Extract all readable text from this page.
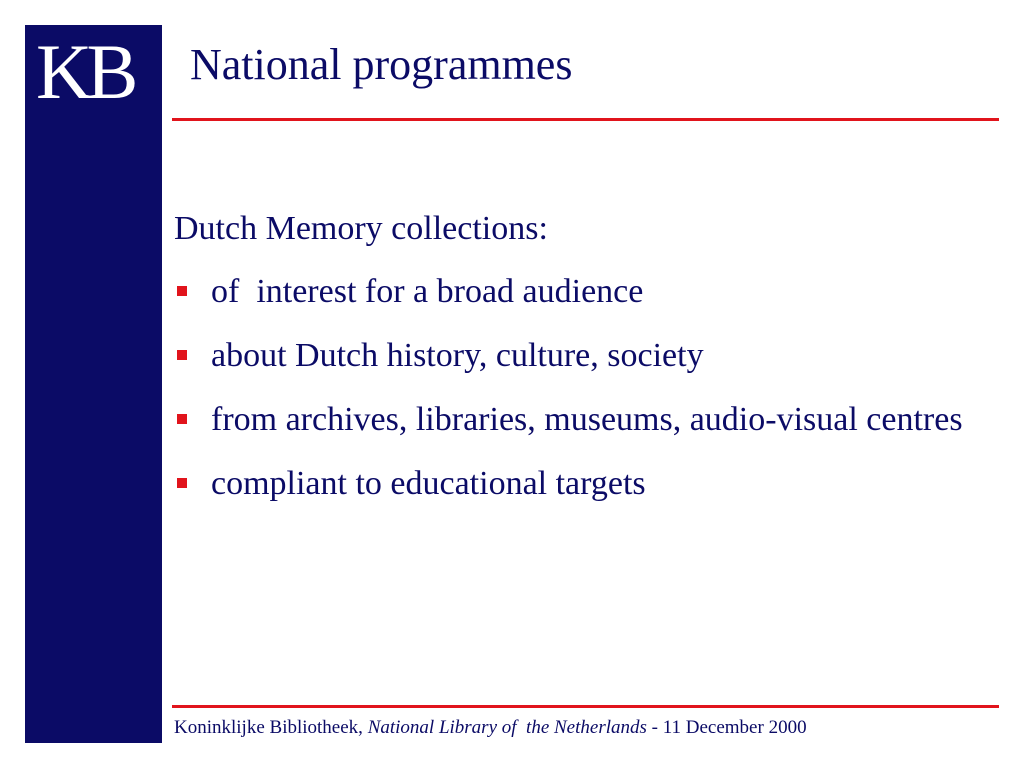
KB	National programmes

Dutch Memory collections:

of  interest for a broad audience
about Dutch history, culture, society
from archives, libraries, museums, audio-visual centres
compliant to educational targets
Koninklijke Bibliotheek, National Library of  the Netherlands - 11 December 2000
